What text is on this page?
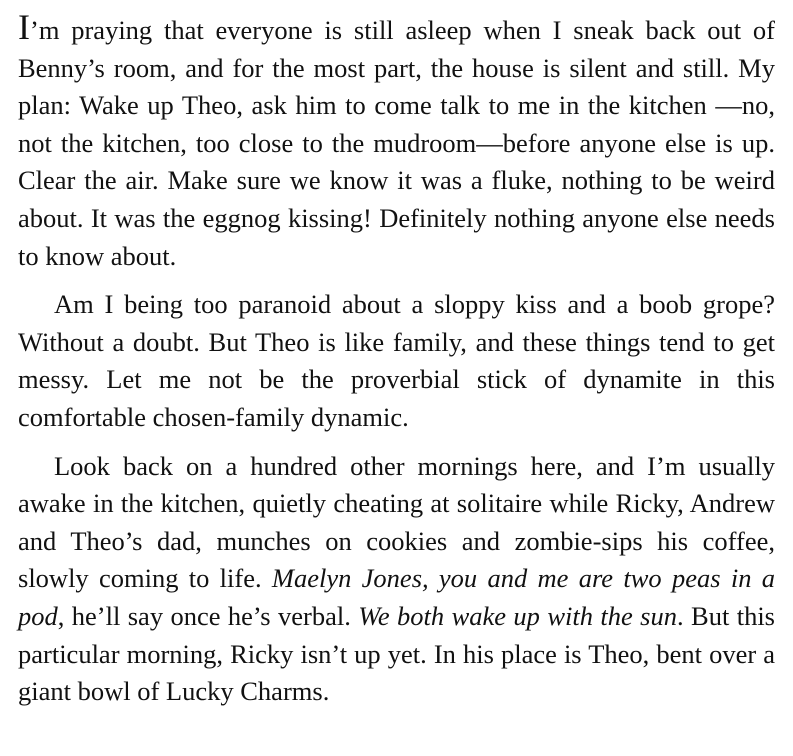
I’m praying that everyone is still asleep when I sneak back out of Benny’s room, and for the most part, the house is silent and still. My plan: Wake up Theo, ask him to come talk to me in the kitchen —no, not the kitchen, too close to the mudroom—before anyone else is up. Clear the air. Make sure we know it was a fluke, nothing to be weird about. It was the eggnog kissing! Definitely nothing anyone else needs to know about.

Am I being too paranoid about a sloppy kiss and a boob grope? Without a doubt. But Theo is like family, and these things tend to get messy. Let me not be the proverbial stick of dynamite in this comfortable chosen-family dynamic.

Look back on a hundred other mornings here, and I’m usually awake in the kitchen, quietly cheating at solitaire while Ricky, Andrew and Theo’s dad, munches on cookies and zombie-sips his coffee, slowly coming to life. Maelyn Jones, you and me are two peas in a pod, he’ll say once he’s verbal. We both wake up with the sun. But this particular morning, Ricky isn’t up yet. In his place is Theo, bent over a giant bowl of Lucky Charms.
